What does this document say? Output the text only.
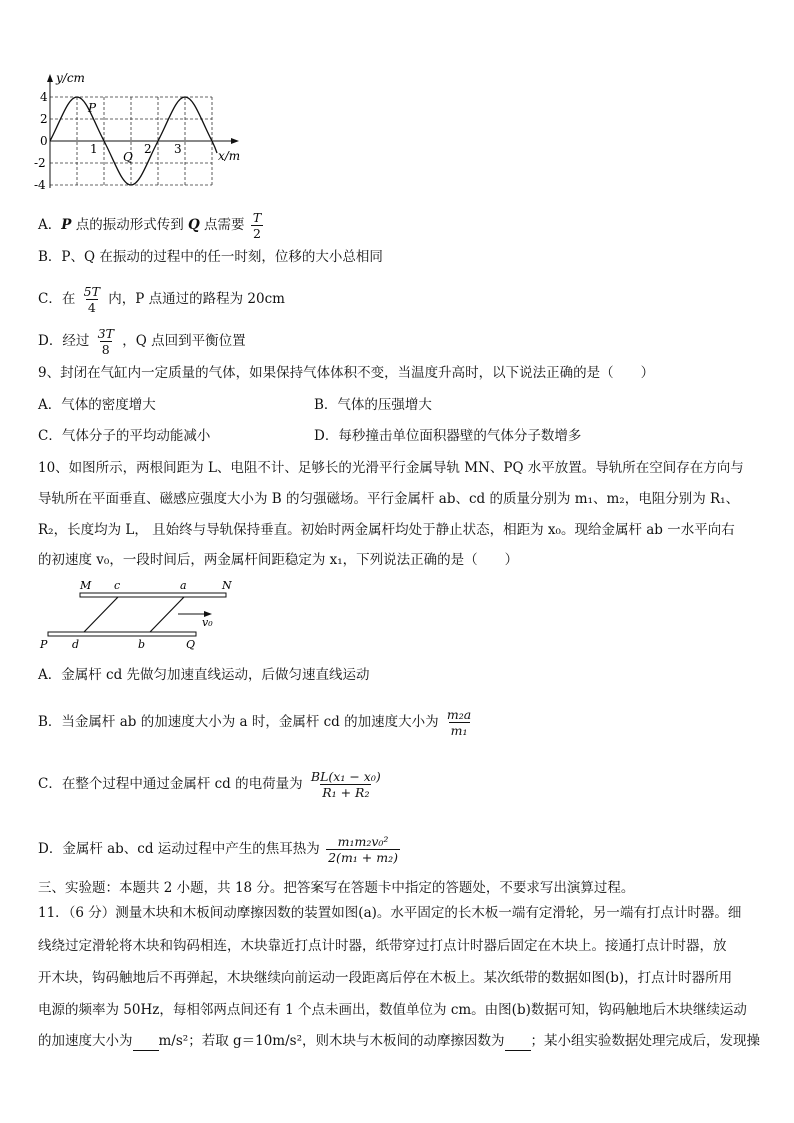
y/cm
x/m
4
2
0
-2
-4
1	2 3
P
Q
A．P 点的振动形式传到 Q 点需要 $\frac{T}{2}$
B．P、Q 在振动的过程中的任一时刻，位移的大小总相同
C．在 $\frac{5T}{4}$ 内，P 点通过的路程为 20cm
D．经过 $\frac{3T}{8}$ ，Q 点回到平衡位置
9、封闭在气缸内一定质量的气体，如果保持气体体积不变，当温度升高时，以下说法正确的是（　　）
A．气体的密度增大	B．气体的压强增大
C．气体分子的平均动能减小	D．每秒撞击单位面积器壁的气体分子数增多
10、如图所示，两根间距为 L、电阻不计、足够长的光滑平行金属导轨 MN、PQ 水平放置。导轨所在空间存在方向与
导轨所在平面垂直、磁感应强度大小为 B 的匀强磁场。平行金属杆 ab、cd 的质量分别为 m₁、m₂，电阻分别为 R₁、
R₂，长度均为 L， 且始终与导轨保持垂直。初始时两金属杆均处于静止状态，相距为 x₀。现给金属杆 ab 一水平向右
的初速度 v₀，一段时间后，两金属杆间距稳定为 x₁，下列说法正确的是（　　）
M c	a	N
P d	b	Q
v₀
A．金属杆 cd 先做匀加速直线运动，后做匀速直线运动
B．当金属杆 ab 的加速度大小为 a 时，金属杆 cd 的加速度大小为 $\frac{\text{m₂a}}{\text{m₁}}$
C．在整个过程中通过金属杆 cd 的电荷量为 $\frac{\text{BL(x₁ − x₀)}}{\text{R₁ + R₂}}$
D．金属杆 ab、cd 运动过程中产生的焦耳热为 $\frac{\text{m₁m₂v₀²}}{\text{2(m₁ + m₂)}}$
三、实验题：本题共 2 小题，共 18 分。把答案写在答题卡中指定的答题处，不要求写出演算过程。
11．（6 分）测量木块和木板间动摩擦因数的装置如图(a)。水平固定的长木板一端有定滑轮，另一端有打点计时器。细
线绕过定滑轮将木块和钩码相连，木块靠近打点计时器，纸带穿过打点计时器后固定在木块上。接通打点计时器，放
开木块，钩码触地后不再弹起，木块继续向前运动一段距离后停在木板上。某次纸带的数据如图(b)，打点计时器所用
电源的频率为 50Hz，每相邻两点间还有 1 个点未画出，数值单位为 cm。由图(b)数据可知，钩码触地后木块继续运动
的加速度大小为 m/s²；若取 g＝10m/s²，则木块与木板间的动摩擦因数为 ；某小组实验数据处理完成后，发现操
